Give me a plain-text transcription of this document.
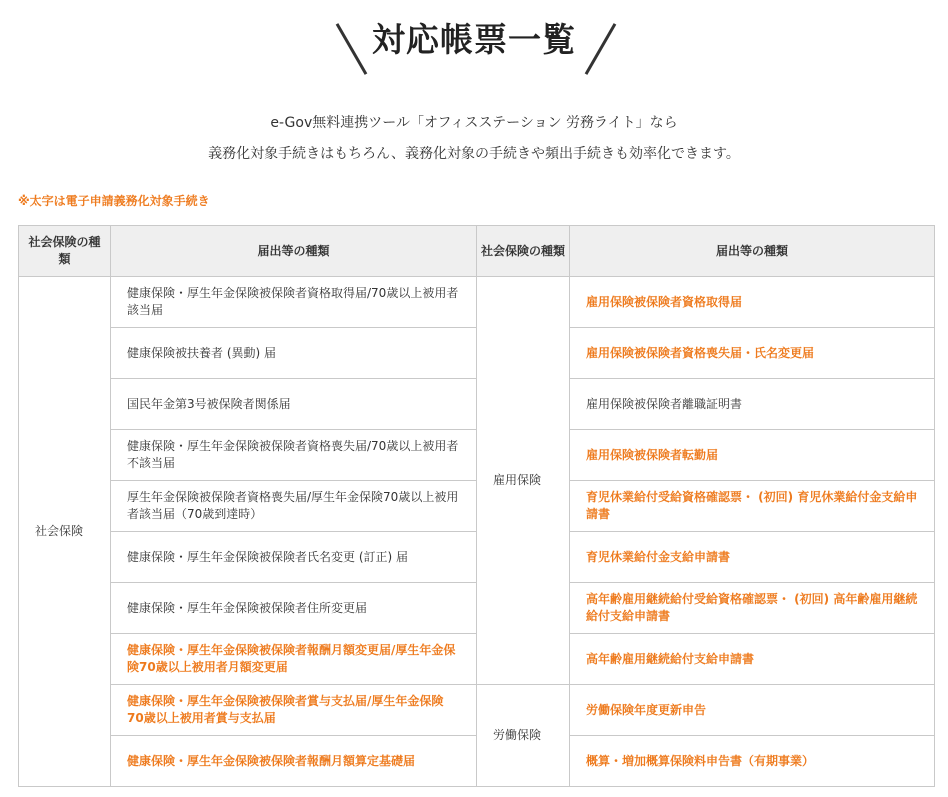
対応帳票一覧
e-Gov無料連携ツール「オフィスステーション 労務ライト」なら
義務化対象手続きはもちろん、義務化対象の手続きや頻出手続きも効率化できます。
※太字は電子申請義務化対象手続き
社会保険の種類	届出等の種類	社会保険の種類	届出等の種類
社会保険	健康保険・厚生年金保険被保険者資格取得届/70歳以上被用者該当届	雇用保険	雇用保険被保険者資格取得届
	健康保険被扶養者 (異動) 届		雇用保険被保険者資格喪失届・氏名変更届
	国民年金第3号被保険者関係届		雇用保険被保険者離職証明書
	健康保険・厚生年金保険被保険者資格喪失届/70歳以上被用者不該当届		雇用保険被保険者転勤届
	厚生年金保険被保険者資格喪失届/厚生年金保険70歳以上被用者該当届（70歳到達時）		育児休業給付受給資格確認票・ (初回) 育児休業給付金支給申請書
	健康保険・厚生年金保険被保険者氏名変更 (訂正) 届		育児休業給付金支給申請書
	健康保険・厚生年金保険被保険者住所変更届		高年齢雇用継続給付受給資格確認票・ (初回) 高年齢雇用継続給付支給申請書
	健康保険・厚生年金保険被保険者報酬月額変更届/厚生年金保険70歳以上被用者月額変更届		高年齢雇用継続給付支給申請書
	健康保険・厚生年金保険被保険者賞与支払届/厚生年金保険70歳以上被用者賞与支払届	労働保険	労働保険年度更新申告
	健康保険・厚生年金保険被保険者報酬月額算定基礎届		概算・増加概算保険料申告書（有期事業）
